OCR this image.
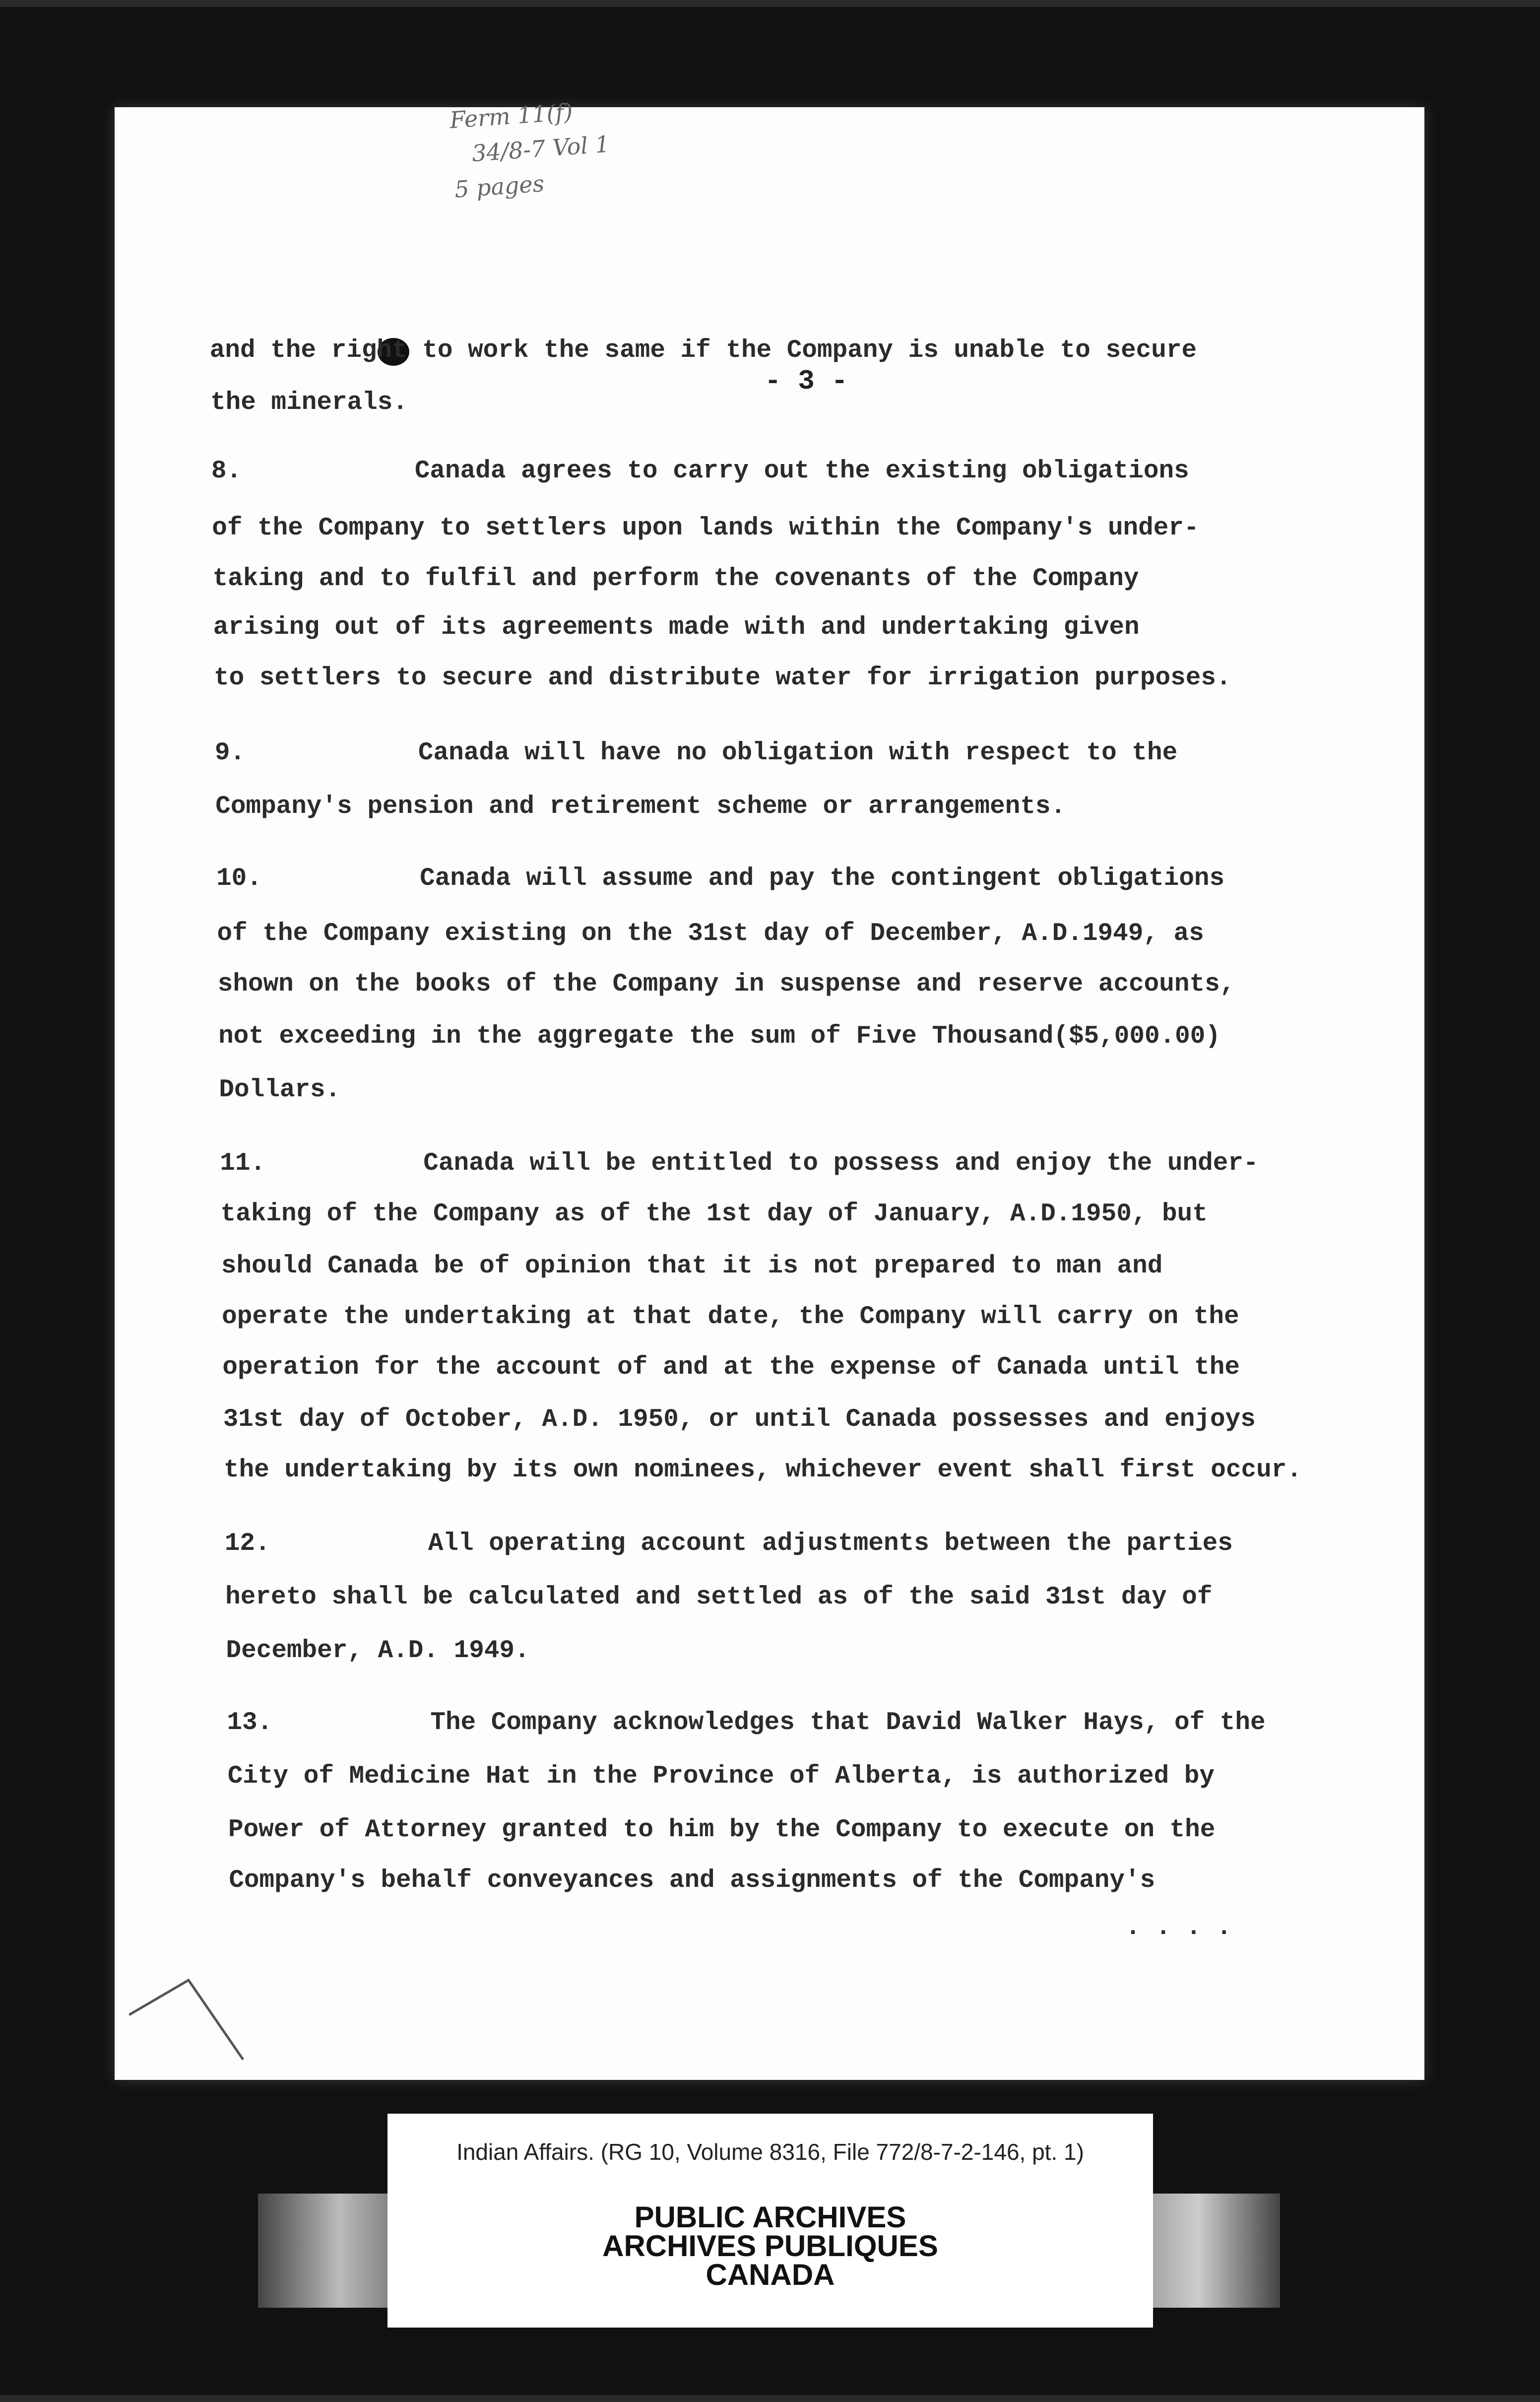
Ferm 11(f)
34/8-7 Vol 1
5 pages
- 3 -
and the right to work the same if the Company is unable to secure
the minerals.
Canada agrees to carry out the existing obligations
8.
of the Company to settlers upon lands within the Company's under-
taking and to fulfil and perform the covenants of the Company
arising out of its agreements made with and undertaking given
to settlers to secure and distribute water for irrigation purposes.
Canada will have no obligation with respect to the
9.
Company's pension and retirement scheme or arrangements.
Canada will assume and pay the contingent obligations
10.
of the Company existing on the 31st day of December, A.D.1949, as
shown on the books of the Company in suspense and reserve accounts,
not exceeding in the aggregate the sum of Five Thousand($5,000.00)
Dollars.
Canada will be entitled to possess and enjoy the under-
11.
taking of the Company as of the 1st day of January, A.D.1950, but
should Canada be of opinion that it is not prepared to man and
operate the undertaking at that date, the Company will carry on the
operation for the account of and at the expense of Canada until the
31st day of October, A.D. 1950, or until Canada possesses and enjoys
the undertaking by its own nominees, whichever event shall first occur.
All operating account adjustments between the parties
12.
hereto shall be calculated and settled as of the said 31st day of
December, A.D. 1949.
The Company acknowledges that David Walker Hays, of the
13.
City of Medicine Hat in the Province of Alberta, is authorized by
Power of Attorney granted to him by the Company to execute on the
Company's behalf conveyances and assignments of the Company's
. . . .
Indian Affairs. (RG 10, Volume 8316, File 772/8-7-2-146, pt. 1)
PUBLIC ARCHIVES
ARCHIVES PUBLIQUES
CANADA
